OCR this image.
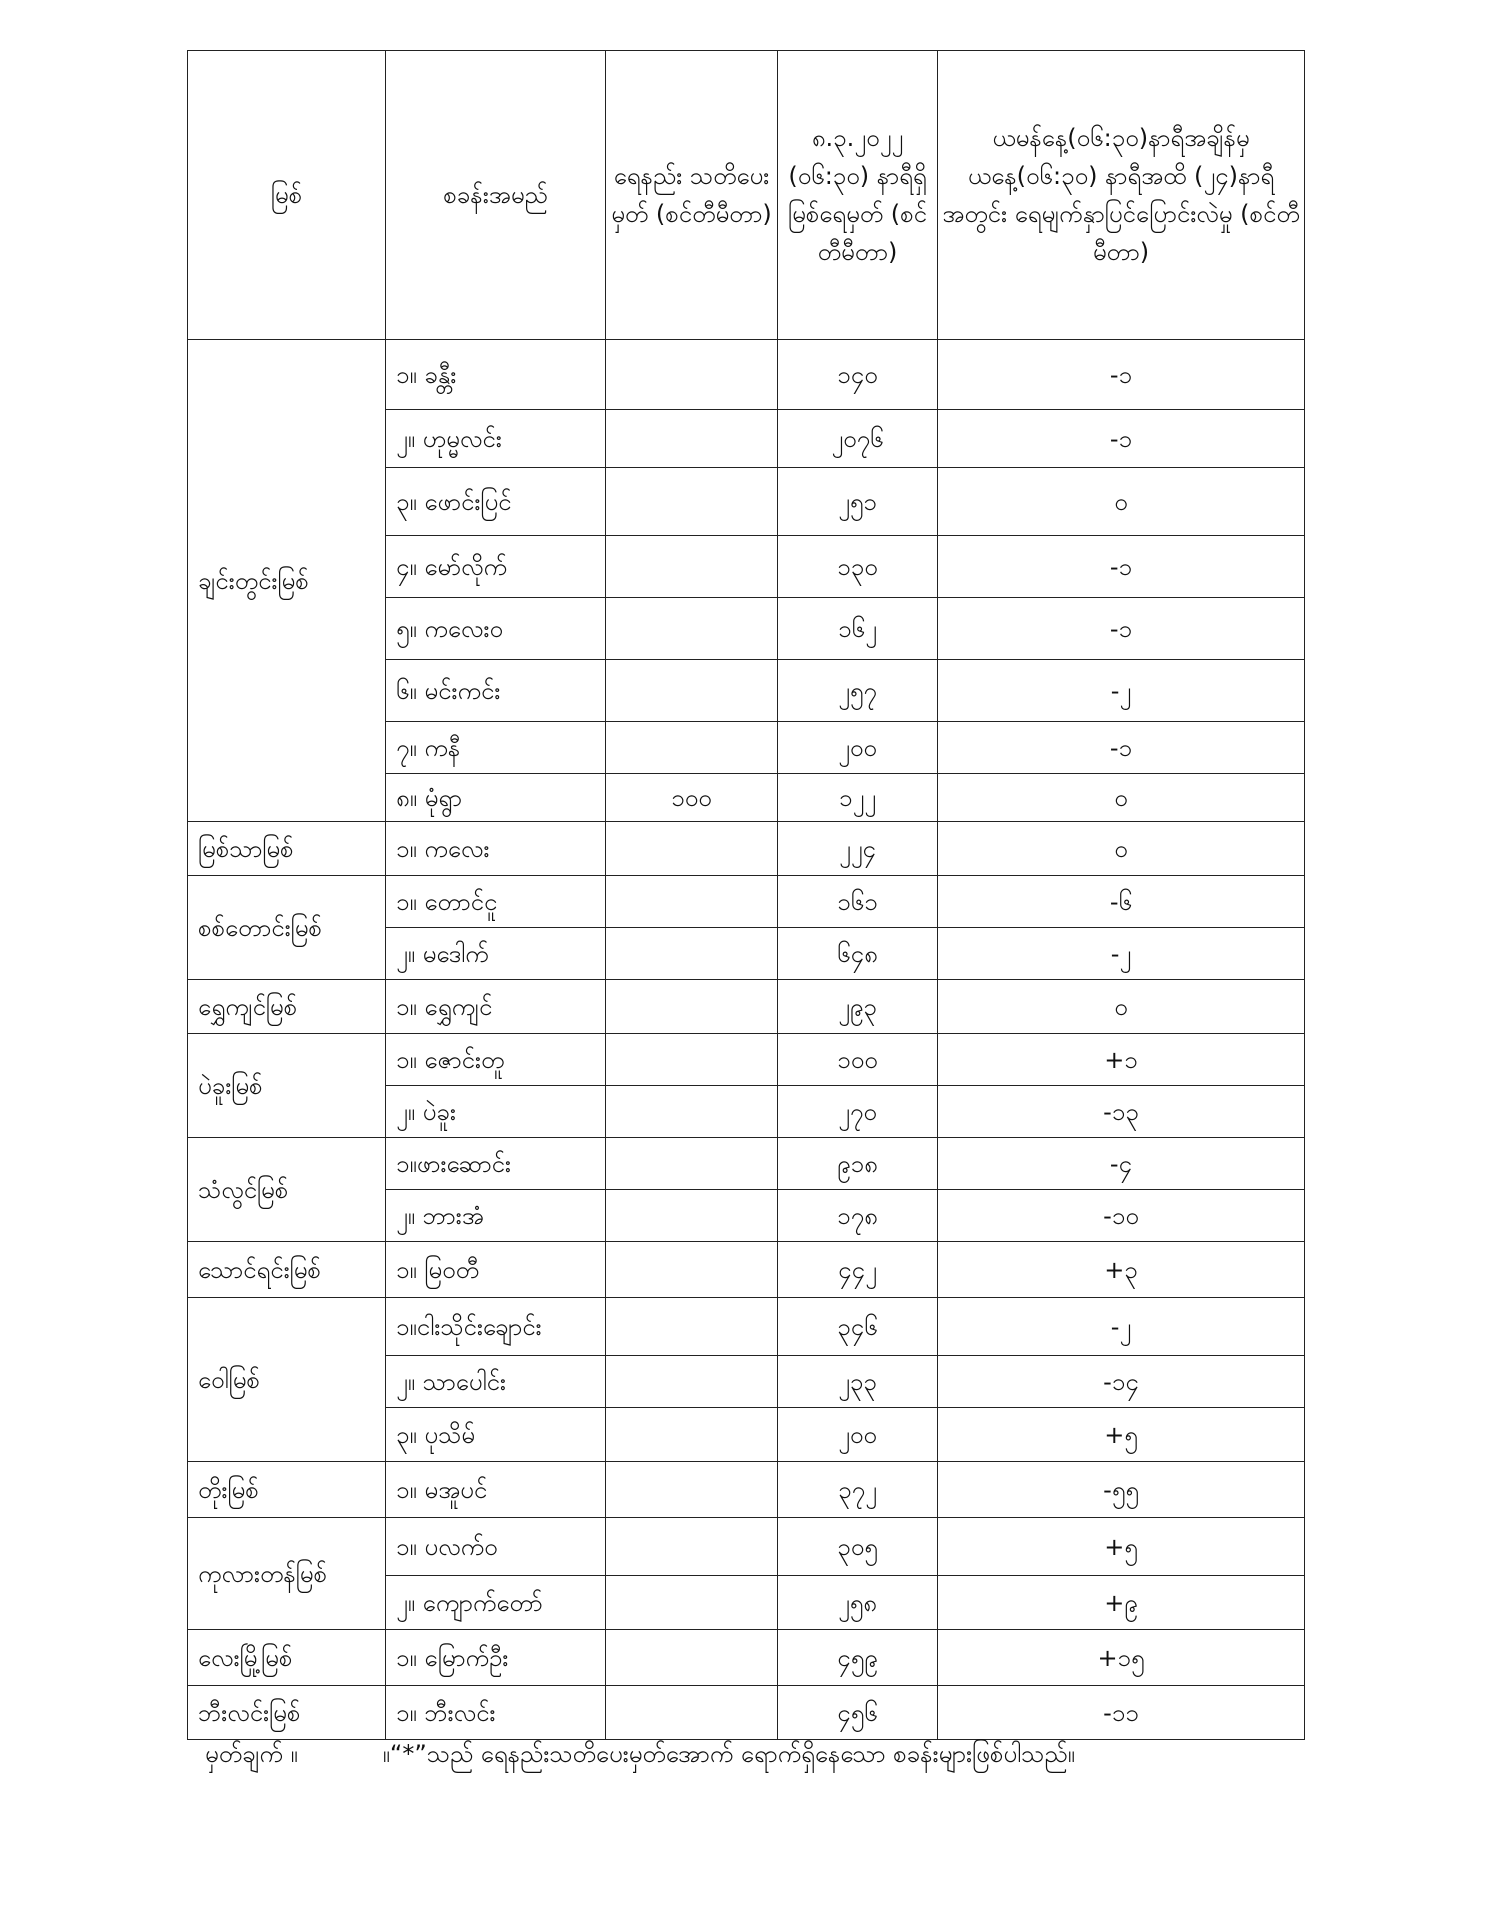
မြစ်	စခန်းအမည်	ရေနည်း သတိပေးမှတ် (စင်တီမီတာ)	၈.၃.၂၀၂၂ (၀၆:၃၀) နာရီရှိ မြစ်ရေမှတ် (စင်တီမီတာ)	ယမန်နေ့(၀၆:၃၀)နာရီအချိန်မှ ယနေ့(၀၆:၃၀) နာရီအထိ (၂၄)နာရီအတွင်း ရေမျက်နှာပြင်ပြောင်းလဲမှု (စင်တီမီတာ)
ချင်းတွင်းမြစ်	၁။ ခန္တီး		၁၄၀	-၁
	၂။ ဟုမ္မလင်း		၂၀၇၆	-၁
	၃။ ဖောင်းပြင်		၂၅၁	၀
	၄။ မော်လိုက်		၁၃၀	-၁
	၅။ ကလေးဝ		၁၆၂	-၁
	၆။ မင်းကင်း		၂၅၇	-၂
	၇။ ကနီ		၂၀၀	-၁
	၈။ မုံရွာ	၁၀၀	၁၂၂	၀
မြစ်သာမြစ်	၁။ ကလေး		၂၂၄	၀
စစ်တောင်းမြစ်	၁။ တောင်ငူ		၁၆၁	-၆
	၂။ မဒေါက်		၆၄၈	-၂
ရွှေကျင်မြစ်	၁။ ရွှေကျင်		၂၉၃	၀
ပဲခူးမြစ်	၁။ ဇောင်းတူ		၁၀၀	+၁
	၂။ ပဲခူး		၂၇၀	-၁၃
သံလွင်မြစ်	၁။ဖားဆောင်း		၉၁၈	-၄
	၂။ ဘားအံ		၁၇၈	-၁၀
သောင်ရင်းမြစ်	၁။ မြဝတီ		၄၄၂	+၃
ဝေါမြစ်	၁။ငါးသိုင်းချောင်း		၃၄၆	-၂
	၂။ သာပေါင်း		၂၃၃	-၁၄
	၃။ ပုသိမ်		၂၀၀	+၅
တိုးမြစ်	၁။ မအူပင်		၃၇၂	-၅၅
ကုလားတန်မြစ်	၁။ ပလက်ဝ		၃၀၅	+၅
	၂။ ကျောက်တော်		၂၅၈	+၉
လေးမြို့မြစ်	၁။ မြောက်ဦး		၄၅၉	+၁၅
ဘီးလင်းမြစ်	၁။ ဘီးလင်း		၄၅၆	-၁၁
မှတ်ချက် ။	။“*”သည် ရေနည်းသတိပေးမှတ်အောက် ရောက်ရှိနေသော စခန်းများဖြစ်ပါသည်။
